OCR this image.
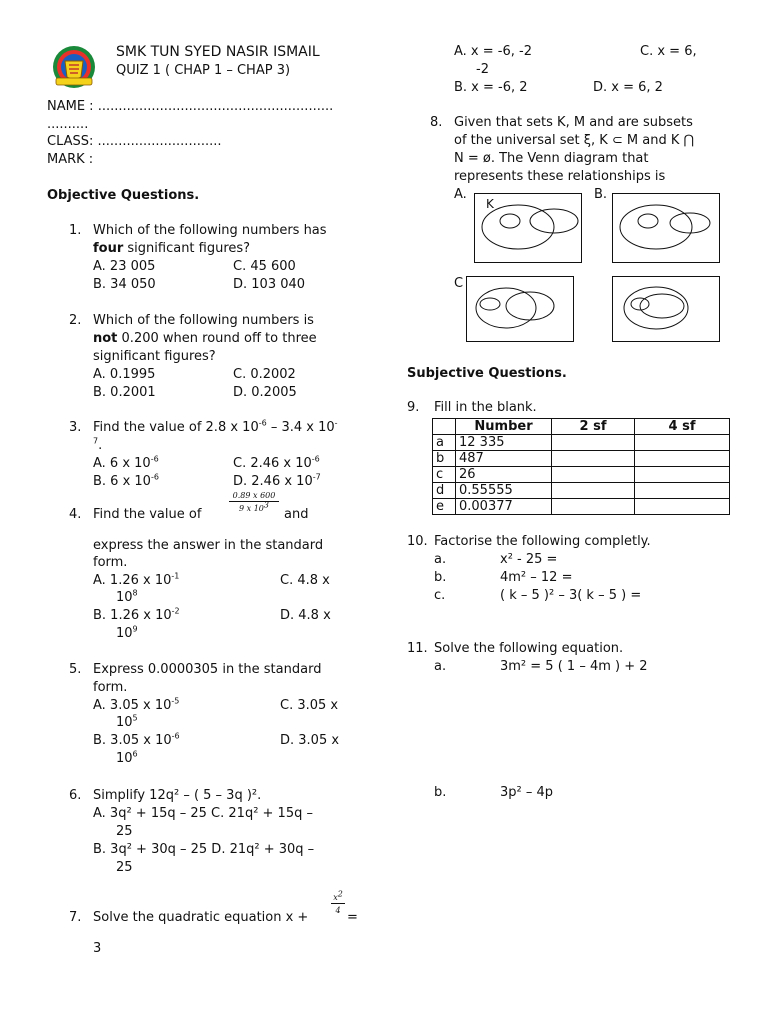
SMK TUN SYED NASIR ISMAIL
QUIZ 1 ( CHAP 1 – CHAP 3)
NAME : .........................................................
..........
CLASS: ..............................
MARK :
Objective Questions.
1. Which of the following numbers has
four significant figures?
A. 23 005	C. 45 600
B. 34 050	D. 103 040
2. Which of the following numbers is
not 0.200 when round off to three
significant figures?
A. 0.1995	C. 0.2002
B. 0.2001	D. 0.2005
3. Find the value of 2.8 x $10^{-6} - 3.4$ x 10-
$^7$.
A. 6 x $10^{-6}$	C. 2.46 x $10^{-6}$
B. 6 x $10^{-6}$	D. 2.46 x $10^{-7}$
4. Find the value of
$\frac{0.89 x 600}{9 x 10^3}$
and
express the answer in the standard
form.
A. 1.26 x $10^{-1}$
$10^8$
C. 4.8 x
B. 1.26 x $10^{-2}$
$10^9$
D. 4.8 x
5. Express 0.0000305 in the standard
form.
A. 3.05 x $10^{-5}$
$10^5$
C. 3.05 x
B. 3.05 x $10^{-6}$
$10^6$
D. 3.05 x
6. Simplify 12q² – ( 5 – 3q )².
A. 3q² + 15q – 25 C. 21q² + 15q –
25
B. 3q² + 30q – 25 D. 21q² + 30q –
25
7. Solve the quadratic equation x +
$\frac{x^2}{4}$
=
3
A. x = -6, -2	C. x = 6,
-2
B. x = -6, 2	D. x = 6, 2
8. Given that sets K, M and are subsets
of the universal set ξ, K ⊂ M and K ⋂
N = ø. The Venn diagram that
represents these relationships is
A.	B.
C
K
Subjective Questions.
9. Fill in the blank.
	Number	2 sf	4 sf
a	12 335		
b	487		
c	26		
d	0.55555		
e	0.00377		
10. Factorise the following completly.
a.	x² - 25 =
b.	4m² – 12 =
c.	( k – 5 )² – 3( k – 5 ) =
11. Solve the following equation.
a.	3m² = 5 ( 1 – 4m ) + 2
b.	3p² – 4p
